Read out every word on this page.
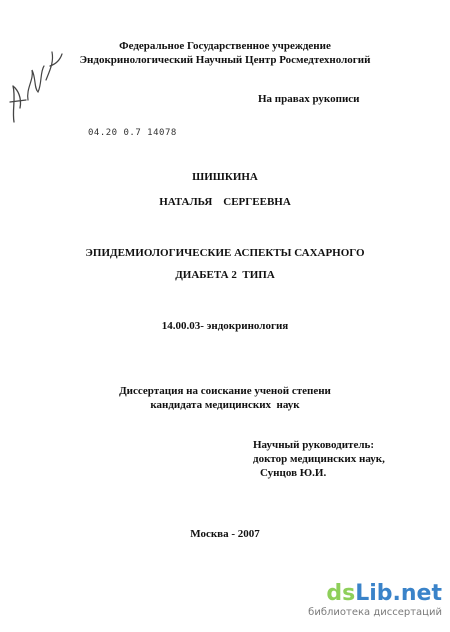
Федеральное Государственное учреждение
Эндокринологический Научный Центр Росмедтехнологий
На правах рукописи
04.20 0.7 14078
ШИШКИНА
НАТАЛЬЯ    СЕРГЕЕВНА
ЭПИДЕМИОЛОГИЧЕСКИЕ АСПЕКТЫ САХАРНОГО
ДИАБЕТА 2  ТИПА
14.00.03- эндокринология
Диссертация на соискание ученой степени
кандидата медицинских  наук
Научный руководитель:
доктор медицинских наук,
Сунцов Ю.И.
Москва - 2007
dsLib.net
библиотека диссертаций
